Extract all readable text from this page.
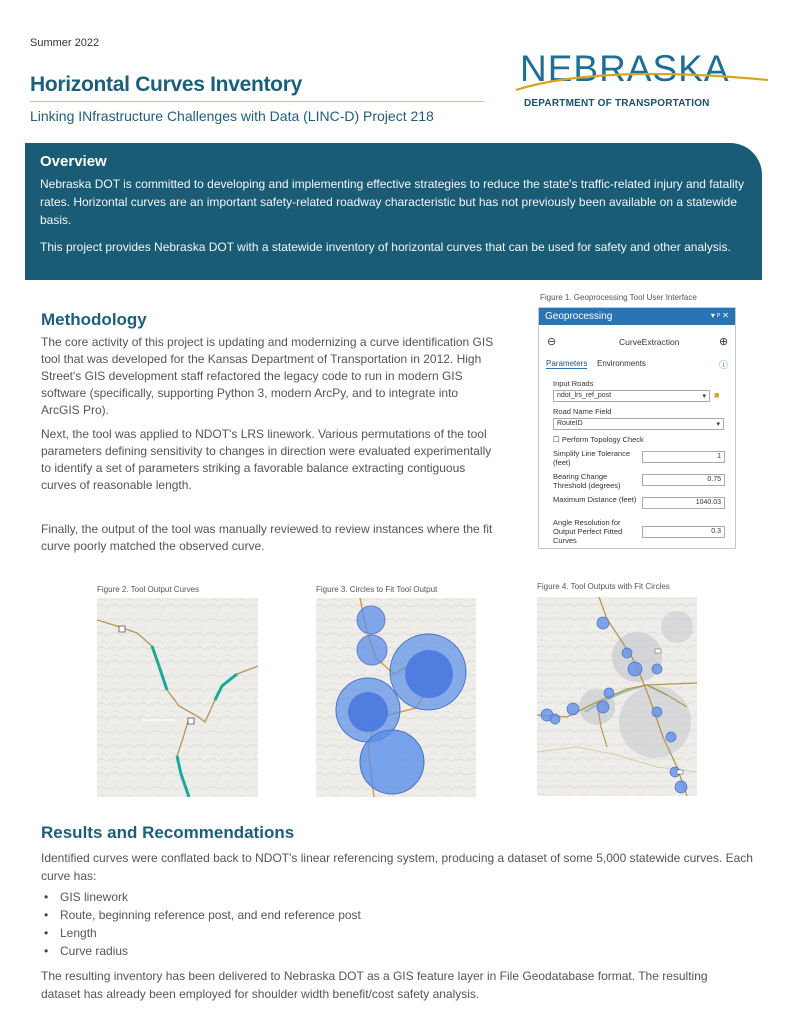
Summer 2022
Horizontal Curves Inventory
Linking INfrastructure Challenges with Data (LINC-D) Project 218
NEBRASKA
DEPARTMENT OF TRANSPORTATION
Overview

Nebraska DOT is committed to developing and implementing effective strategies to reduce the state's traffic-related injury and fatality rates. Horizontal curves are an important safety-related roadway characteristic but has not previously been available on a statewide basis.

This project provides Nebraska DOT with a statewide inventory of horizontal curves that can be used for safety and other analysis.

Methodology

The core activity of this project is updating and modernizing a curve identification GIS tool that was developed for the Kansas Department of Transportation in 2012. High Street's GIS development staff refactored the legacy code to run in modern GIS software (specifically, supporting Python 3, modern ArcPy, and to integrate into ArcGIS Pro).

Next, the tool was applied to NDOT's LRS linework. Various permutations of the tool parameters defining sensitivity to changes in direction were evaluated experimentally to identify a set of parameters striking a favorable balance extracting contiguous curves of reasonable length.

Finally, the output of the tool was manually reviewed to review instances where the fit curve poorly matched the observed curve.

Figure 1. Geoprocessing Tool User Interface
Geoprocessing	▾ ᵖ ✕
⊖	CurveExtraction	⊕
Parameters Environments	ⓘ
Input Roads
ndot_lrs_ref_post	▾ ■
Road Name Field
RouteID	▾
☐ Perform Topology Check
Simplify Line Tolerance (feet)
1
Bearing Change Threshold (degrees)
0.75
Maximum Distance (feet)	1040.03
Angle Resolution for Output Perfect Fitted Curves
0.3
Figure 2. Tool Output Curves	Figure 3. Circles to Fit Tool Output	Figure 4. Tool Outputs with Fit Circles
Results and Recommendations

Identified curves were conflated back to NDOT's linear referencing system, producing a dataset of some 5,000 statewide curves. Each curve has:

• GIS linework
• Route, beginning reference post, and end reference post
• Length
• Curve radius

The resulting inventory has been delivered to Nebraska DOT as a GIS feature layer in File Geodatabase format. The resulting dataset has already been employed for shoulder width benefit/cost safety analysis.
